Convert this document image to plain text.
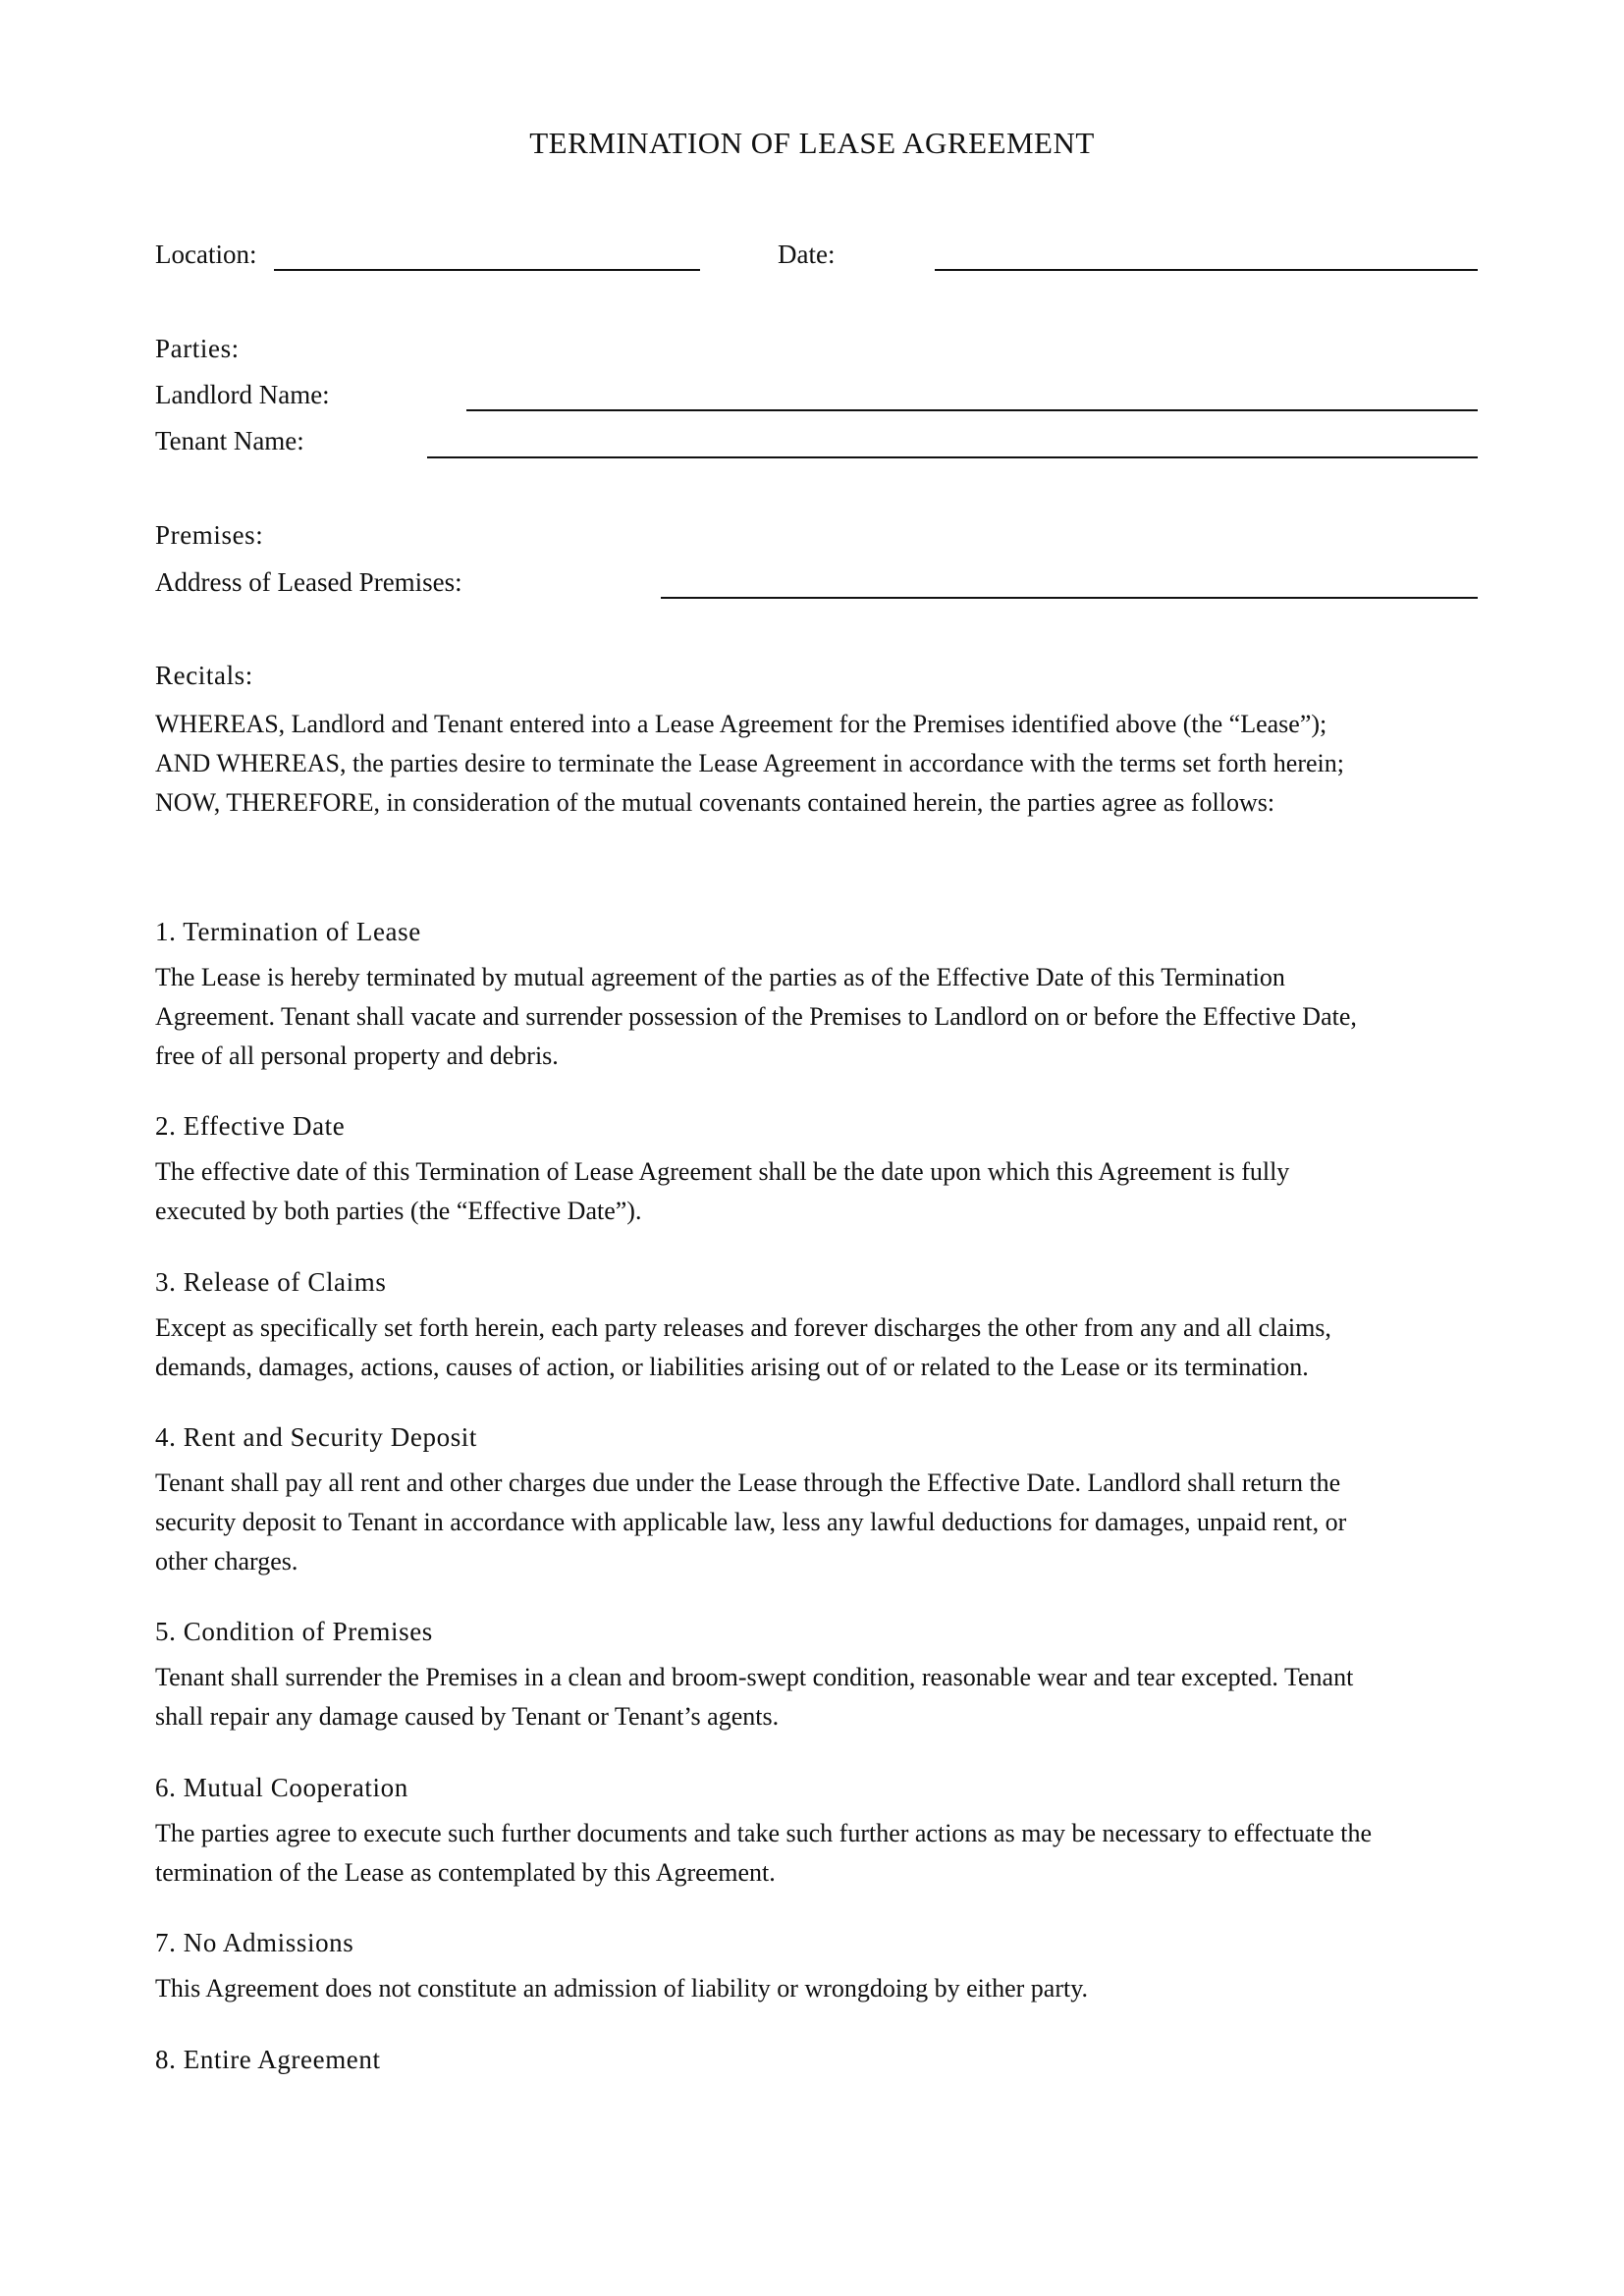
TERMINATION OF LEASE AGREEMENT
Location:	Date:
Parties:
Landlord Name:
Tenant Name:
Premises:
Address of Leased Premises:
Recitals:

WHEREAS, Landlord and Tenant entered into a Lease Agreement for the Premises identified above (the “Lease”);

AND WHEREAS, the parties desire to terminate the Lease Agreement in accordance with the terms set forth herein;

NOW, THEREFORE, in consideration of the mutual covenants contained herein, the parties agree as follows:

1. Termination of Lease

The Lease is hereby terminated by mutual agreement of the parties as of the Effective Date of this Termination

Agreement. Tenant shall vacate and surrender possession of the Premises to Landlord on or before the Effective Date,

free of all personal property and debris.

2. Effective Date

The effective date of this Termination of Lease Agreement shall be the date upon which this Agreement is fully

executed by both parties (the “Effective Date”).

3. Release of Claims

Except as specifically set forth herein, each party releases and forever discharges the other from any and all claims,

demands, damages, actions, causes of action, or liabilities arising out of or related to the Lease or its termination.

4. Rent and Security Deposit

Tenant shall pay all rent and other charges due under the Lease through the Effective Date. Landlord shall return the

security deposit to Tenant in accordance with applicable law, less any lawful deductions for damages, unpaid rent, or

other charges.

5. Condition of Premises

Tenant shall surrender the Premises in a clean and broom-swept condition, reasonable wear and tear excepted. Tenant

shall repair any damage caused by Tenant or Tenant’s agents.

6. Mutual Cooperation

The parties agree to execute such further documents and take such further actions as may be necessary to effectuate the

termination of the Lease as contemplated by this Agreement.

7. No Admissions

This Agreement does not constitute an admission of liability or wrongdoing by either party.

8. Entire Agreement
